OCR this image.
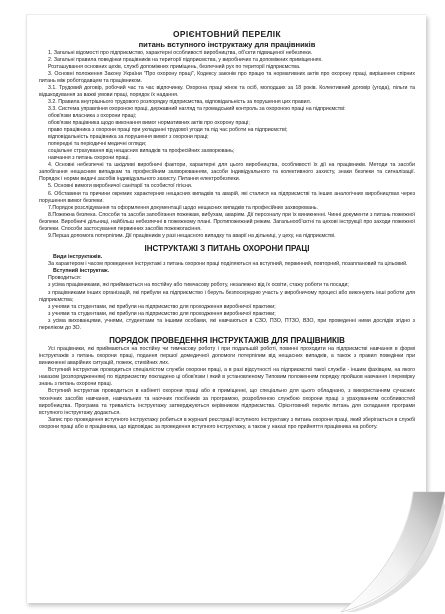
ОРІЄНТОВНИЙ ПЕРЕЛІК
питань вступного інструктажу для працівників

1. Загальні відомості про підприємство, характерні особливості виробництва, об'єкти підвищеної небезпеки.

2. Загальні правила поведінки працівників на території підприємства, у виробничих та допоміжних приміщеннях.

Розташування основних цехів, служб допоміжних приміщень, безпечний рух по території підприємства.

3. Основні положення Закону України "Про охорону праці", Кодексу законів про працю та нормативних актів про охорону праці, вирішення спірних питань між роботодавцем та працівником.

3.1. Трудовий договір, робочий час та час відпочинку. Охорона праці жінок та осіб, молодших за 18 років. Колективний договір (угода), пільги та відшкодування за важкі умови праці, порядок їх надання.

3.2. Правила внутрішнього трудового розпорядку підприємства, відповідальність за порушення цих правил.

3.3. Система управління охороною праці, державний нагляд та громадський контроль за охороною праці на підприємстві:

обов'язки власника з охорони праці;

обов'язки працівника щодо виконання вимог нормативних актів про охорону праці;

право працівника з охорони праці при укладанні трудової угоди та під час роботи на підприємстві;

відповідальність працівника за порушення вимог з охорони праці;

попередні та періодичні медичні огляди;

соціальне страхування від нещасних випадків та професійних захворювань;

навчання з питань охорони праці.

4. Основні небезпечні та шкідливі виробничі фактори, характерні для цього виробництва, особливості їх дії на працівників. Методи та засоби запобігання нещасним випадкам та професійним захворюванням, засоби індивідуального та колективного захисту, знаки безпеки та сигналізації. Порядок і норми видачі засобів індивідуального захисту. Питання електробезпеки.

5. Основні вимоги виробничої санітарії та особистої гігієни.

6. Обставини та причини окремих характерних нещасних випадків та аварій, які сталися на підприємстві та інших аналогічних виробництвах через порушення вимог безпеки.

7.Порядок розслідування та оформлення документації щодо нещасних випадків та професійних захворювань.

8.Пожежна безпека. Способи та засоби запобігання пожежам, вибухам, аваріям. Дії персоналу при їх виникненні. Чинні документи з питань пожежної безпеки. Виробничі дільниці, найбільш небезпечні в пожежному плані. Протипожежний режим. Загальнооб'єктні та цехові інструкції про заходи пожежної безпеки. Способи застосування первинних засобів пожежогасіння.

9.Перша допомога потерпілим. Дії працівників у разі нещасного випадку та аварії на дільниці, у цеху, на підприємстві.

ІНСТРУКТАЖІ З ПИТАНЬ ОХОРОНИ ПРАЦІ

Види інструктажів.

За характером і часом проведення інструктажі з питань охорони праці поділяються на вступний, первинний, повторний, позаплановий та цільовий.

Вступний інструктаж.

Проводиться:

з усіма працівниками, які приймаються на постійну або тимчасову роботу, незалежно від їх освіти, стажу роботи та посади;

з працівниками інших організацій, які прибули на підприємство і беруть безпосередню участь у виробничому процесі або виконують інші роботи для підприємства;

з учнями та студентами, які прибули на підприємство для проходження виробничої практики;

з учнями та студентами, які прибули на підприємство для проходження виробничої практики;

з усіма вихованцями, учнями, студентами та іншими особами, які навчаються в СЗО, ПЗО, ПТЗО, ВЗО, при проведенні ними дослідів згідно з переліком до ЗО.

ПОРЯДОК ПРОВЕДЕННЯ ІНСТРУКТАЖІВ ДЛЯ ПРАЦІВНИКІВ

Усі працівники, які приймаються на постійну чи тимчасову роботу і при подальшій роботі, повинні проходити на підприємстві навчання в формі інструктажів з питань охорони праці, подання першої домедичної допомоги потерпілим від нещасних випадків, а також з правил поведінки при виникненні аварійних ситуацій, пожеж, стихійних лих.

Вступний інструктаж проводиться спеціалістом служби охорони праці, а в разі відсутності на підприємстві такої служби - іншим фахівцем, на якого наказом (розпорядженням) по підприємству покладено ці обов'язки і який в установленому Типовим положенням порядку пройшов навчання і перевірку знань з питань охорони праці.

Вступний інструктаж проводиться в кабінеті охорони праці або в приміщенні, що спеціально для цього обладнано, з використанням сучасних технічних засобів навчання, навчальних та наочних посібників за програмою, розробленою службою охорони праці з урахуванням особливостей виробництва. Програма та тривалість інструктажу затверджуються керівником підприємства. Орієнтовний перелік питань для складання програми вступного інструктажу додається.

Запис про проведення вступного інструктажу робиться в журналі реєстрації вступного інструктажу з питань охорони праці, який зберігається в службі охорони праці або в працівника, що відповідає за проведення вступного інструктажу, а також у наказі про прийняття працівника на роботу.
